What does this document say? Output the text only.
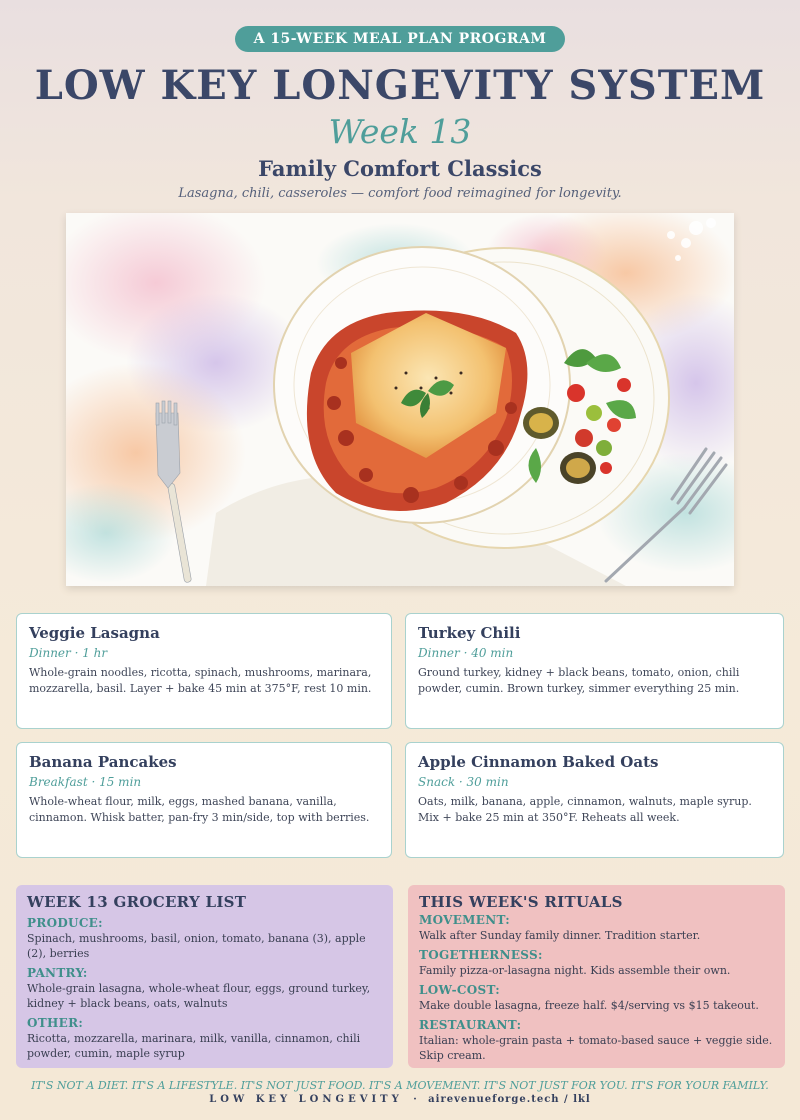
A 15-WEEK MEAL PLAN PROGRAM
LOW KEY LONGEVITY SYSTEM
Week 13
Family Comfort Classics
Lasagna, chili, casseroles — comfort food reimagined for longevity.
Veggie Lasagna
Dinner · 1 hr
Whole-grain noodles, ricotta, spinach, mushrooms, marinara, mozzarella, basil. Layer + bake 45 min at 375°F, rest 10 min.
Turkey Chili
Dinner · 40 min
Ground turkey, kidney + black beans, tomato, onion, chili powder, cumin. Brown turkey, simmer everything 25 min.
Banana Pancakes
Breakfast · 15 min
Whole-wheat flour, milk, eggs, mashed banana, vanilla, cinnamon. Whisk batter, pan-fry 3 min/side, top with berries.
Apple Cinnamon Baked Oats
Snack · 30 min
Oats, milk, banana, apple, cinnamon, walnuts, maple syrup. Mix + bake 25 min at 350°F. Reheats all week.
WEEK 13 GROCERY LIST
PRODUCE:
Spinach, mushrooms, basil, onion, tomato, banana (3), apple (2), berries
PANTRY:
Whole-grain lasagna, whole-wheat flour, eggs, ground turkey, kidney + black beans, oats, walnuts
OTHER:
Ricotta, mozzarella, marinara, milk, vanilla, cinnamon, chili powder, cumin, maple syrup
THIS WEEK'S RITUALS
MOVEMENT:
Walk after Sunday family dinner. Tradition starter.
TOGETHERNESS:
Family pizza-or-lasagna night. Kids assemble their own.
LOW-COST:
Make double lasagna, freeze half. $4/serving vs $15 takeout.
RESTAURANT:
Italian: whole-grain pasta + tomato-based sauce + veggie side. Skip cream.
IT'S NOT A DIET. IT'S A LIFESTYLE. IT'S NOT JUST FOOD. IT'S A MOVEMENT. IT'S NOT JUST FOR YOU. IT'S FOR YOUR FAMILY.
LOW KEY LONGEVITY · airevenueforge.tech / lkl
